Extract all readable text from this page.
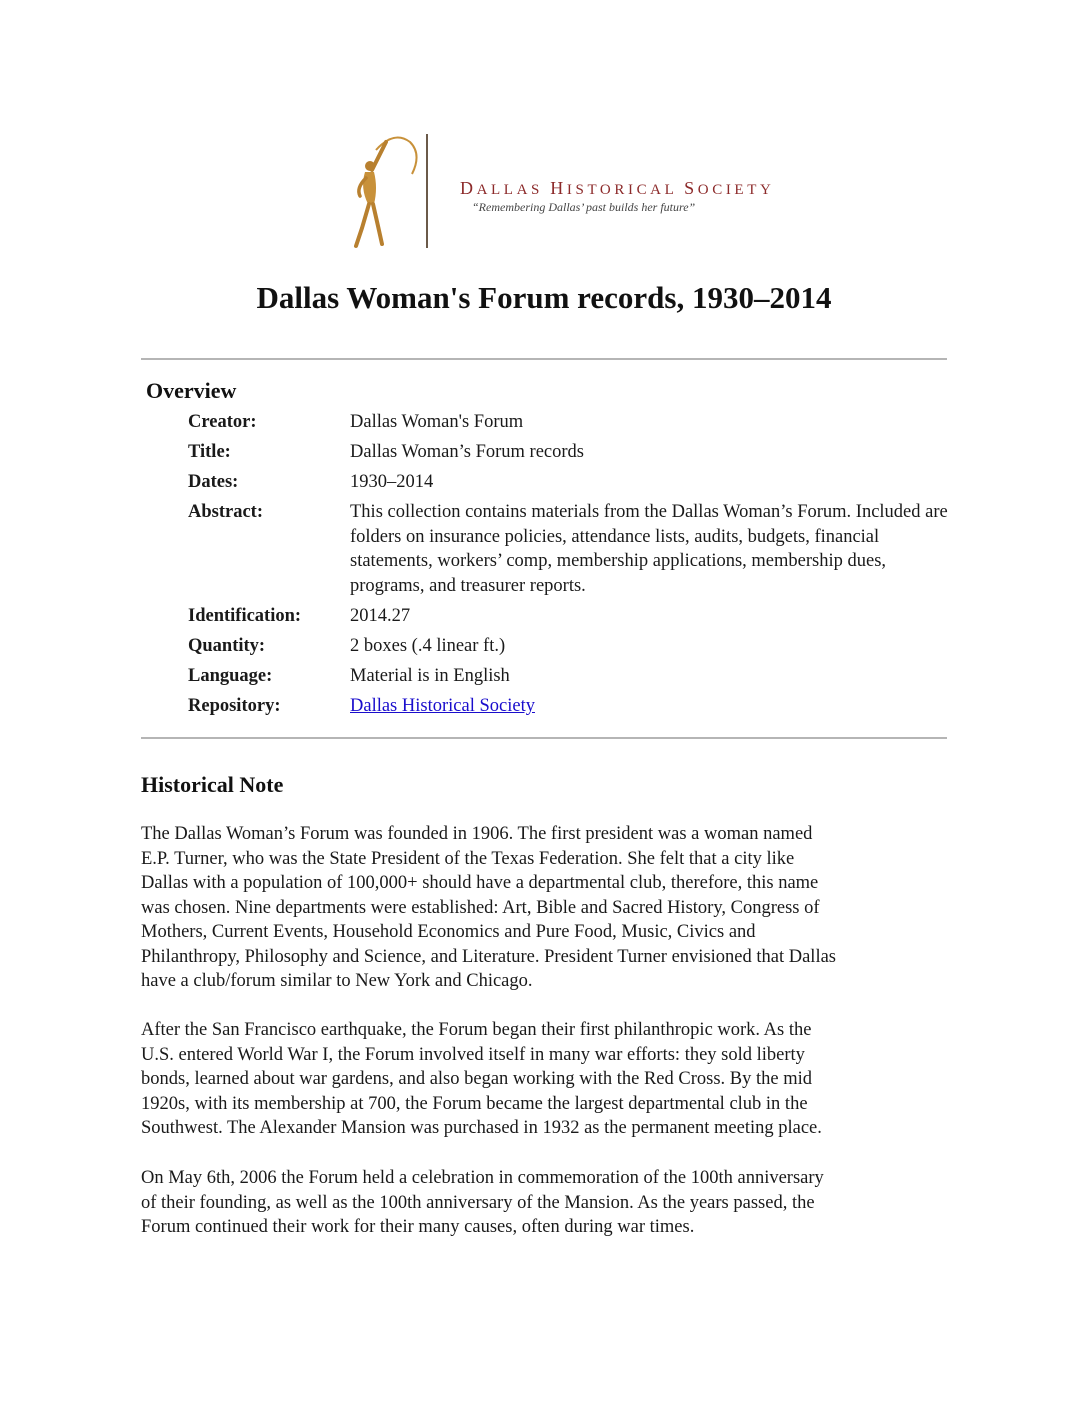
DALLAS HISTORICAL SOCIETY
“Remembering Dallas’ past builds her future”
Dallas Woman's Forum records, 1930–2014
Overview
Creator:	Dallas Woman's Forum
Title:	Dallas Woman’s Forum records
Dates:	1930–2014
Abstract:	This collection contains materials from the Dallas Woman’s Forum. Included are folders on insurance policies, attendance lists, audits, budgets, financial statements, workers’ comp, membership applications, membership dues, programs, and treasurer reports.
Identification:	2014.27
Quantity:	2 boxes (.4 linear ft.)
Language:	Material is in English
Repository:	Dallas Historical Society
Historical Note
The Dallas Woman’s Forum was founded in 1906. The first president was a woman named
E.P. Turner, who was the State President of the Texas Federation. She felt that a city like
Dallas with a population of 100,000+ should have a departmental club, therefore, this name
was chosen. Nine departments were established: Art, Bible and Sacred History, Congress of
Mothers, Current Events, Household Economics and Pure Food, Music, Civics and
Philanthropy, Philosophy and Science, and Literature. President Turner envisioned that Dallas
have a club/forum similar to New York and Chicago.
After the San Francisco earthquake, the Forum began their first philanthropic work. As the
U.S. entered World War I, the Forum involved itself in many war efforts: they sold liberty
bonds, learned about war gardens, and also began working with the Red Cross. By the mid
1920s, with its membership at 700, the Forum became the largest departmental club in the
Southwest. The Alexander Mansion was purchased in 1932 as the permanent meeting place.
On May 6th, 2006 the Forum held a celebration in commemoration of the 100th anniversary
of their founding, as well as the 100th anniversary of the Mansion. As the years passed, the
Forum continued their work for their many causes, often during war times.
